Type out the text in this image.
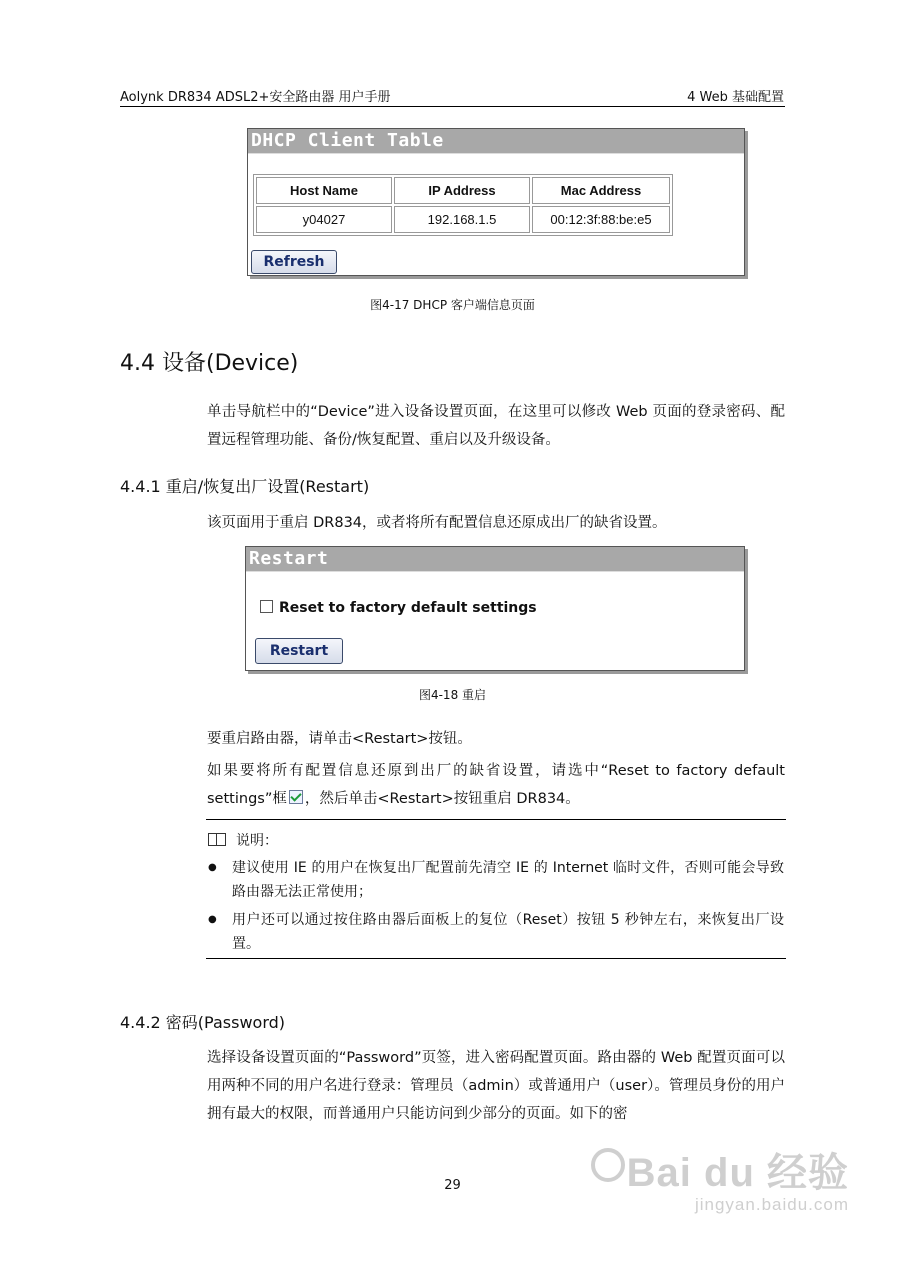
Aolynk DR834 ADSL2+安全路由器 用户手册	4 Web 基础配置
DHCP Client Table
Host Name	IP Address	Mac Address
y04027	192.168.1.5	00:12:3f:88:be:e5
Refresh
图4-17 DHCP 客户端信息页面
4.4 设备(Device)
单击导航栏中的“Device”进入设备设置页面，在这里可以修改 Web 页面的登录密码、配置远程管理功能、备份/恢复配置、重启以及升级设备。
4.4.1 重启/恢复出厂设置(Restart)
该页面用于重启 DR834，或者将所有配置信息还原成出厂的缺省设置。
Restart
Reset to factory default settings
Restart
图4-18 重启
要重启路由器，请单击<Restart>按钮。
如果要将所有配置信息还原到出厂的缺省设置，请选中“Reset to factory default settings”框 ，然后单击<Restart>按钮重启 DR834。
说明：
● 建议使用 IE 的用户在恢复出厂配置前先清空 IE 的 Internet 临时文件，否则可能会导致路由器无法正常使用；
● 用户还可以通过按住路由器后面板上的复位（Reset）按钮 5 秒钟左右，来恢复出厂设置。
4.4.2 密码(Password)
选择设备设置页面的“Password”页签，进入密码配置页面。路由器的 Web 配置页面可以用两种不同的用户名进行登录：管理员（admin）或普通用户（user）。管理员身份的用户拥有最大的权限，而普通用户只能访问到少部分的页面。如下的密
29	Bai du 经验
jingyan.baidu.com
